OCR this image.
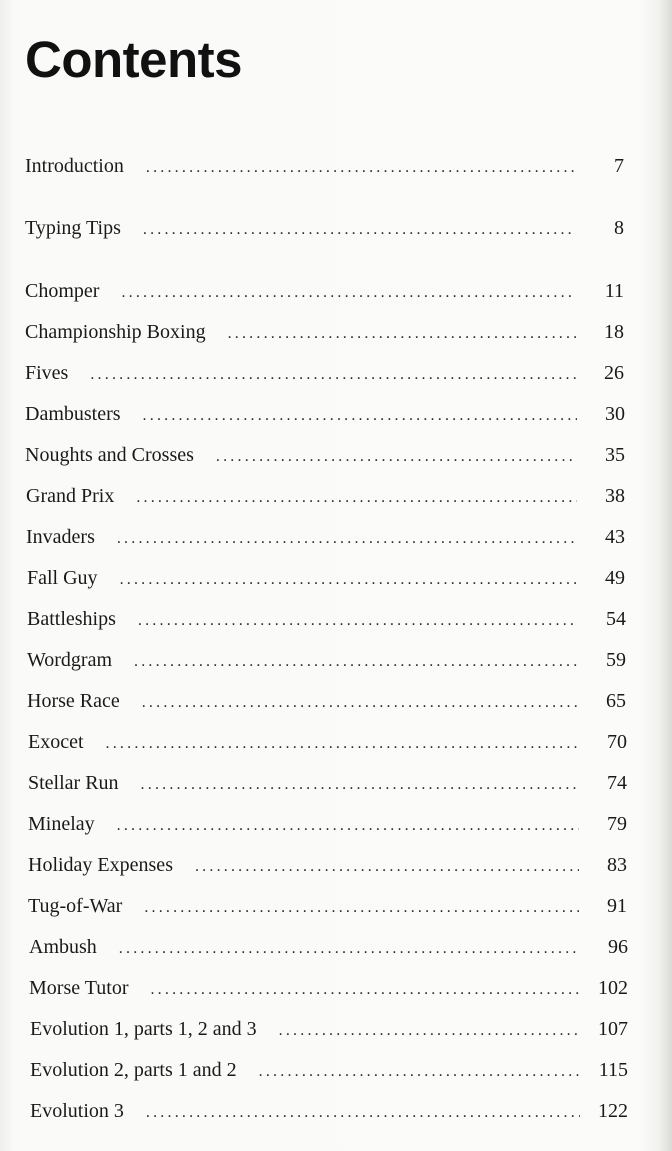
Contents
Introduction .....	7
Typing Tips .....	8
Chomper .....	11
Championship Boxing .....	18
Fives .....	26
Dambusters .....	30
Noughts and Crosses .....	35
Grand Prix .....	38
Invaders .....	43
Fall Guy .....	49
Battleships .....	54
Wordgram .....	59
Horse Race .....	65
Exocet .....	70
Stellar Run .....	74
Minelay .....	79
Holiday Expenses .....	83
Tug-of-War .....	91
Ambush .....	96
Morse Tutor .....	102
Evolution 1, parts 1, 2 and 3 .....	107
Evolution 2, parts 1 and 2 .....	115
Evolution 3 .....	122
